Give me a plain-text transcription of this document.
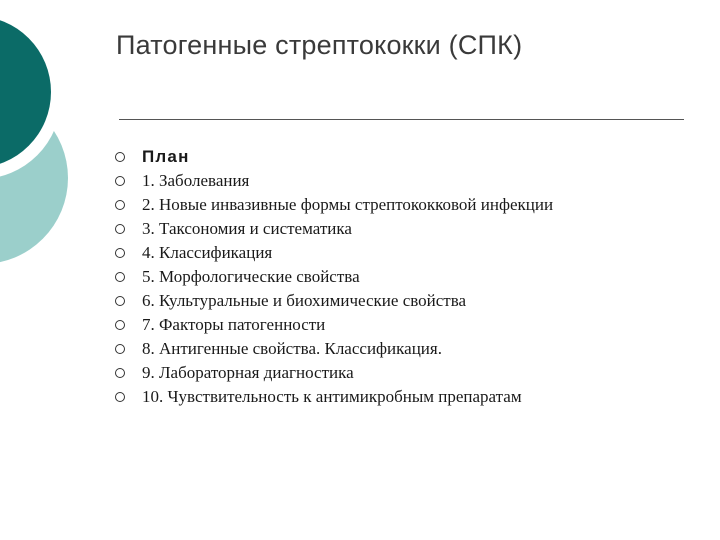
Патогенные стрептококки (СПК)
План
1. Заболевания
2. Новые инвазивные формы стрептококковой инфекции
3. Таксономия и систематика
4. Классификация
5. Морфологические свойства
6. Культуральные и биохимические свойства
7. Факторы патогенности
8. Антигенные свойства. Классификация.
9. Лабораторная диагностика
10. Чувствительность к антимикробным препаратам
